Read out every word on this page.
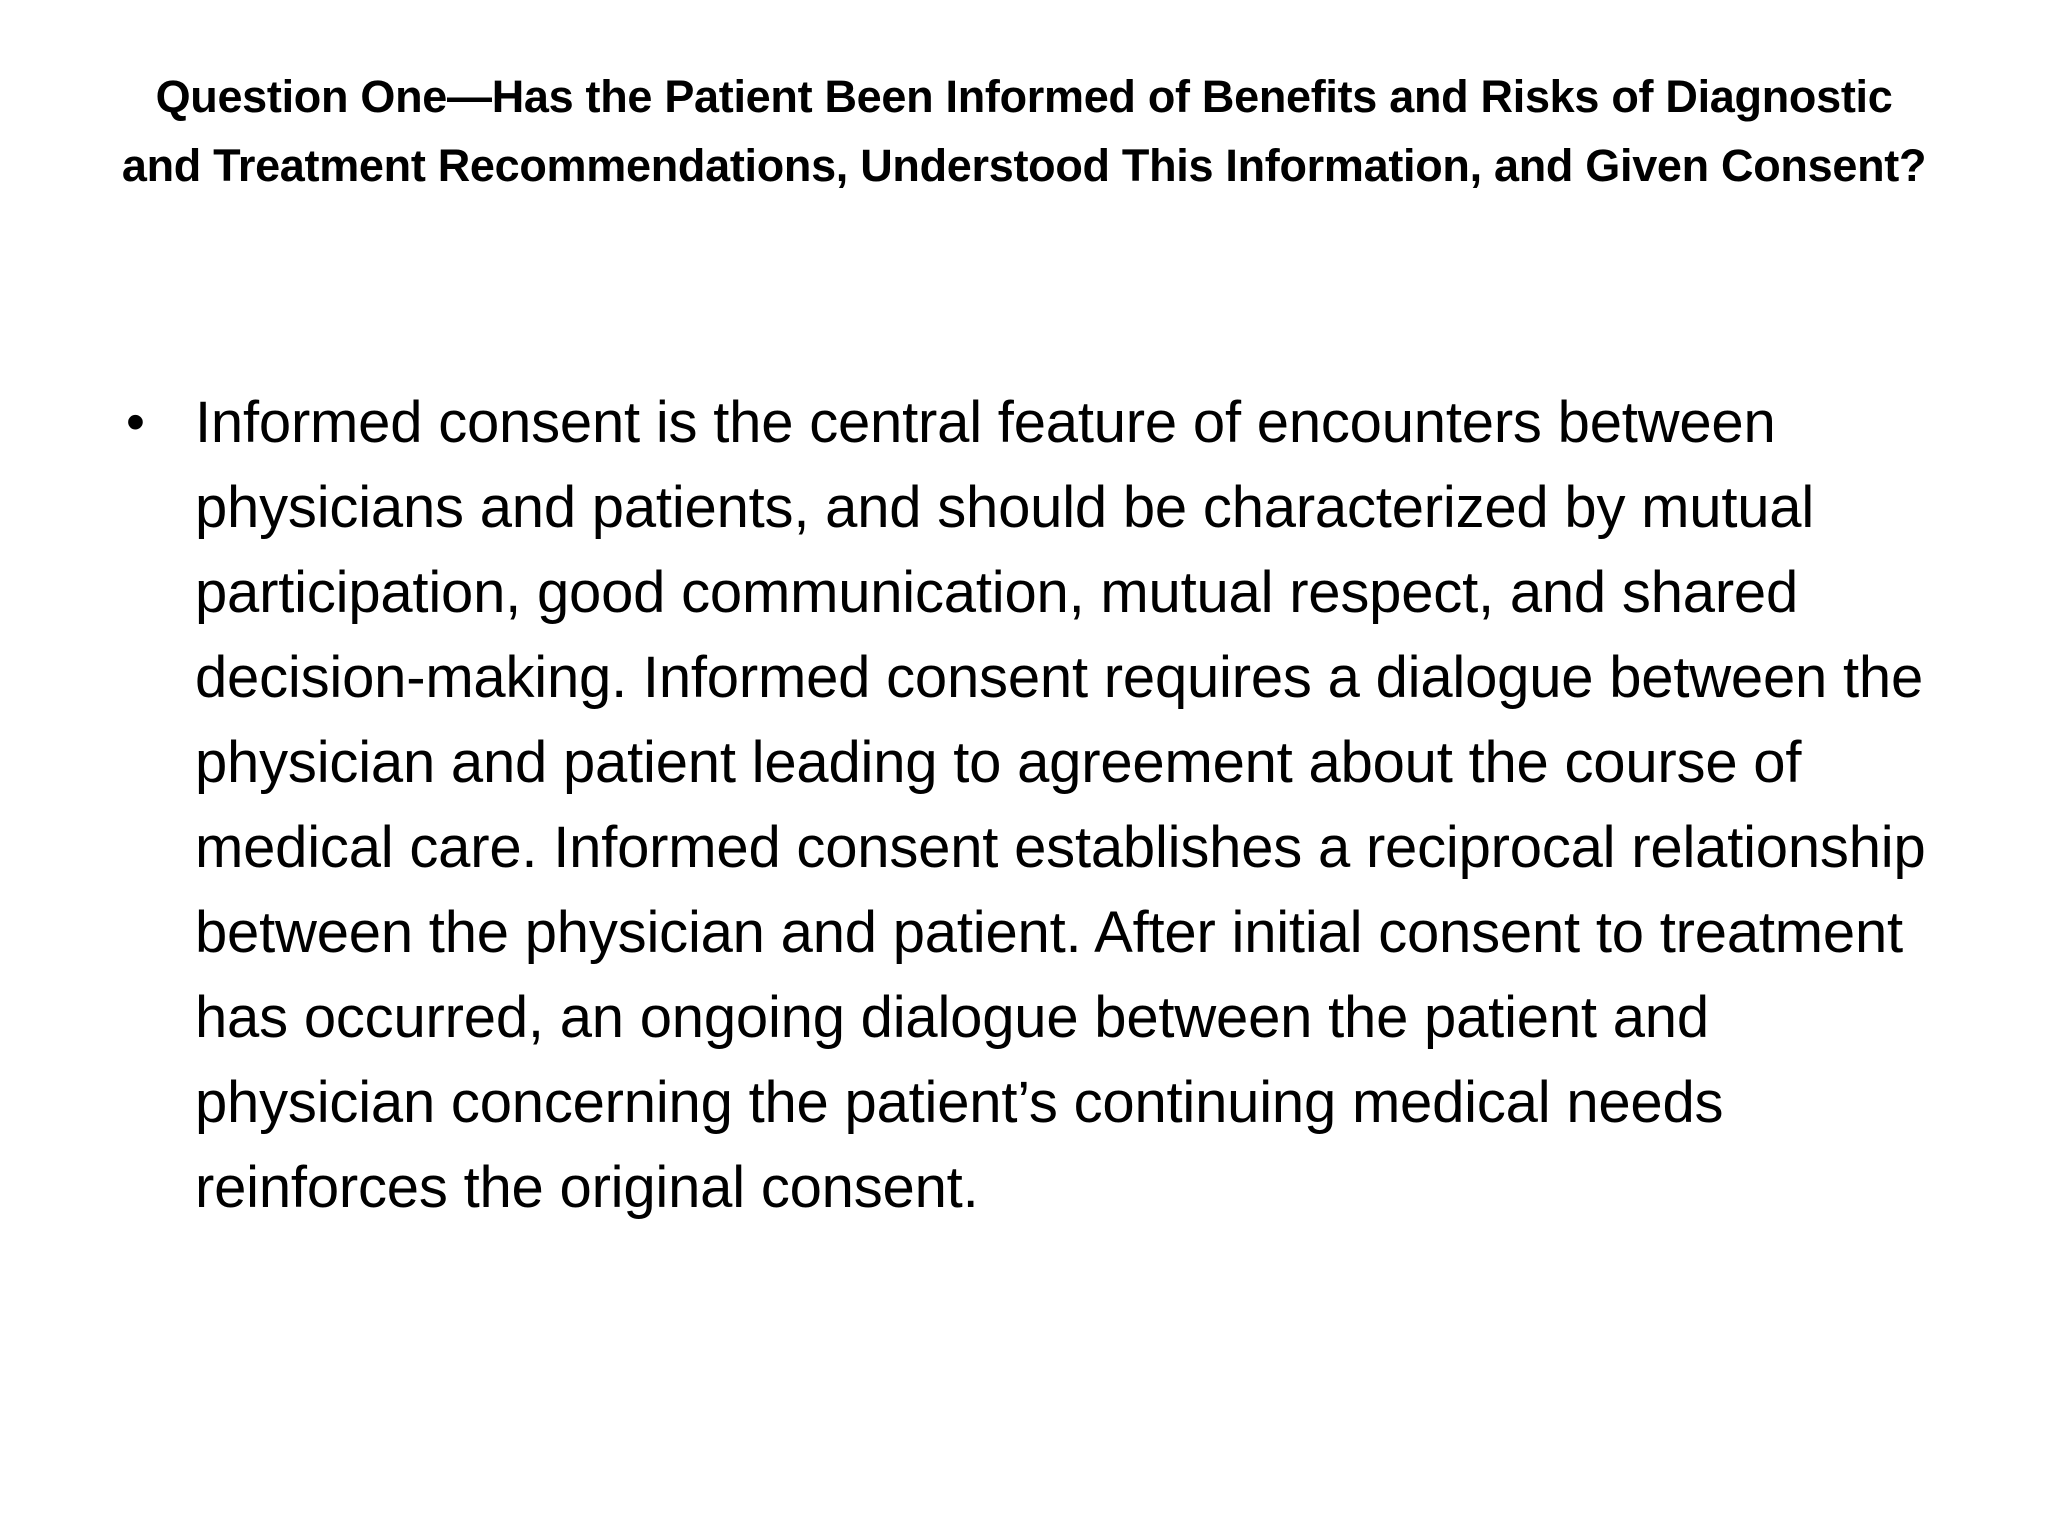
Question One—Has the Patient Been Informed of Benefits and Risks of Diagnostic and Treatment Recommendations, Understood This Information, and Given Consent?
• Informed consent is the central feature of encounters between physicians and patients, and should be characterized by mutual participation, good communication, mutual respect, and shared decision-making. Informed consent requires a dialogue between the physician and patient leading to agreement about the course of medical care. Informed consent establishes a reciprocal relationship between the physician and patient. After initial consent to treatment has occurred, an ongoing dialogue between the patient and physician concerning the patient’s continuing medical needs reinforces the original consent.
